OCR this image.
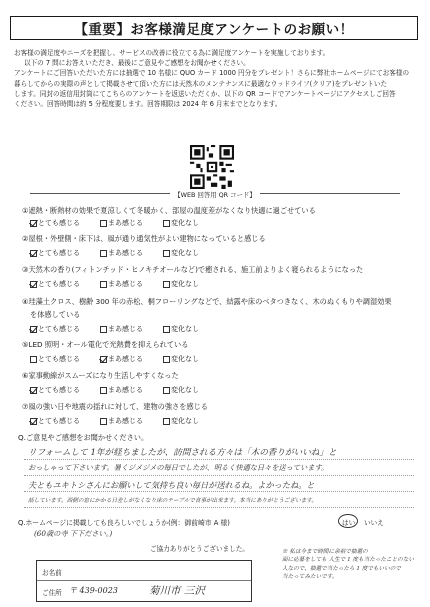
【重要】お客様満足度アンケートのお願い！

お客様の満足度やニーズを把握し、サービスの改善に役立てる為に満足度アンケートを実施しております。

以下の 7 問にお答えいただき、最後にご意見やご感想をお聞かせください。

アンケートにご回答いただいた方には抽選で 10 名様に QUO カード 1000 円分をプレゼント！さらに弊社ホームページにてお客様の

暮らしてからの実際の声として掲載させて頂いた方には天然木のメンテナンスに最適なウッドライフ(クリア)をプレゼントいた

します。同封の返信用封筒にてこちらのアンケートを返送いただくか、以下の QR コードでアンケートページにアクセスしご回答

ください。回答時間は約 5 分程度要します。回答期限は 2024 年 6 月末までとなります。

【WEB 回答用 QR コード】
①遮熱・断熱材の効果で夏涼しくて冬暖かく、部屋の温度差がなくなり快適に過ごせている
とても感じる	まあ感じる	変化なし
②屋根・外壁側・床下は、風が通り通気性がよい建物になっていると感じる
とても感じる	まあ感じる	変化なし
③天然木の香り(フィトンチッド・ヒノキチオールなど)で癒される、施工前よりよく寝られるようになった
とても感じる	まあ感じる	変化なし
④珪藻土クロス、樹齢 300 年の赤松、桐フローリングなどで、結露や床のベタつきなく、木のぬくもりや調湿効果
を体感している
とても感じる	まあ感じる	変化なし
⑤LED 照明・オール電化で光熱費を抑えられている
とても感じる	まあ感じる	変化なし
⑥家事動線がスムーズになり生活しやすくなった
とても感じる	まあ感じる	変化なし
⑦風の強い日や地震の揺れに対して、建物の強さを感じる
とても感じる	まあ感じる	変化なし
Q.ご意見やご感想をお聞かせください。
リフォームして 1年が経ちましたが、訪問される方々は「木の香りがいいね」と
おっしゃって下さいます。暑くジメジメの毎日でしたが、明るく快適な日々を送っています。
夫ともユキトシさんにお願いして気持ち良い毎日が送れるね。よかったね。と
話しています。西側の窓にかかる日差しがなくなり床のテーブルで食事が出来ます。本当にありがとうございます。
Q.ホームページに掲載しても良ろしいでしょうか(例：御前崎市 A 様)	はい いいえ
(60歳の寺 下下ださい。)
ご協力ありがとうございました。
お名前
ご住所 〒 439-0023	菊川市 三沢

※ 私は今まで時間に余裕で抽選の

面に応募をしても 人生で 1 度も当たったことのない

人なので、抽選で当たったら 1 度でもいいので

当たってみたいです。
